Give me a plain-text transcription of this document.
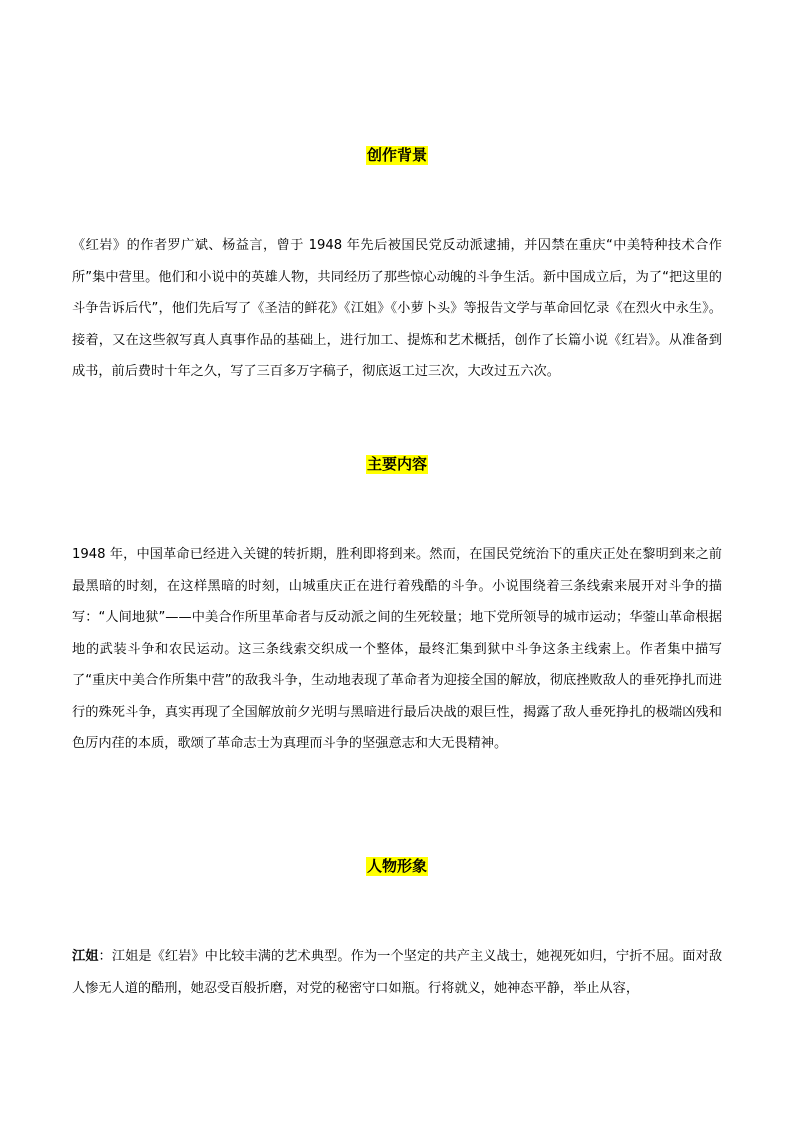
创作背景

《红岩》的作者罗广斌、杨益言，曾于 1948 年先后被国民党反动派逮捕，并囚禁在重庆“中美特种技术合作所”集中营里。他们和小说中的英雄人物，共同经历了那些惊心动魄的斗争生活。新中国成立后，为了“把这里的斗争告诉后代”，他们先后写了《圣洁的鲜花》《江姐》《小萝卜头》等报告文学与革命回忆录《在烈火中永生》。接着，又在这些叙写真人真事作品的基础上，进行加工、提炼和艺术概括，创作了长篇小说《红岩》。从准备到成书，前后费时十年之久，写了三百多万字稿子，彻底返工过三次，大改过五六次。

主要内容

1948 年，中国革命已经进入关键的转折期，胜利即将到来。然而，在国民党统治下的重庆正处在黎明到来之前最黑暗的时刻，在这样黑暗的时刻，山城重庆正在进行着残酷的斗争。小说围绕着三条线索来展开对斗争的描写：“人间地狱”——中美合作所里革命者与反动派之间的生死较量；地下党所领导的城市运动；华蓥山革命根据地的武装斗争和农民运动。这三条线索交织成一个整体，最终汇集到狱中斗争这条主线索上。作者集中描写了“重庆中美合作所集中营”的敌我斗争，生动地表现了革命者为迎接全国的解放，彻底挫败敌人的垂死挣扎而进行的殊死斗争，真实再现了全国解放前夕光明与黑暗进行最后决战的艰巨性，揭露了敌人垂死挣扎的极端凶残和色厉内荏的本质，歌颂了革命志士为真理而斗争的坚强意志和大无畏精神。

人物形象

江姐：江姐是《红岩》中比较丰满的艺术典型。作为一个坚定的共产主义战士，她视死如归，宁折不屈。面对敌人惨无人道的酷刑，她忍受百般折磨，对党的秘密守口如瓶。行将就义，她神态平静，举止从容，
